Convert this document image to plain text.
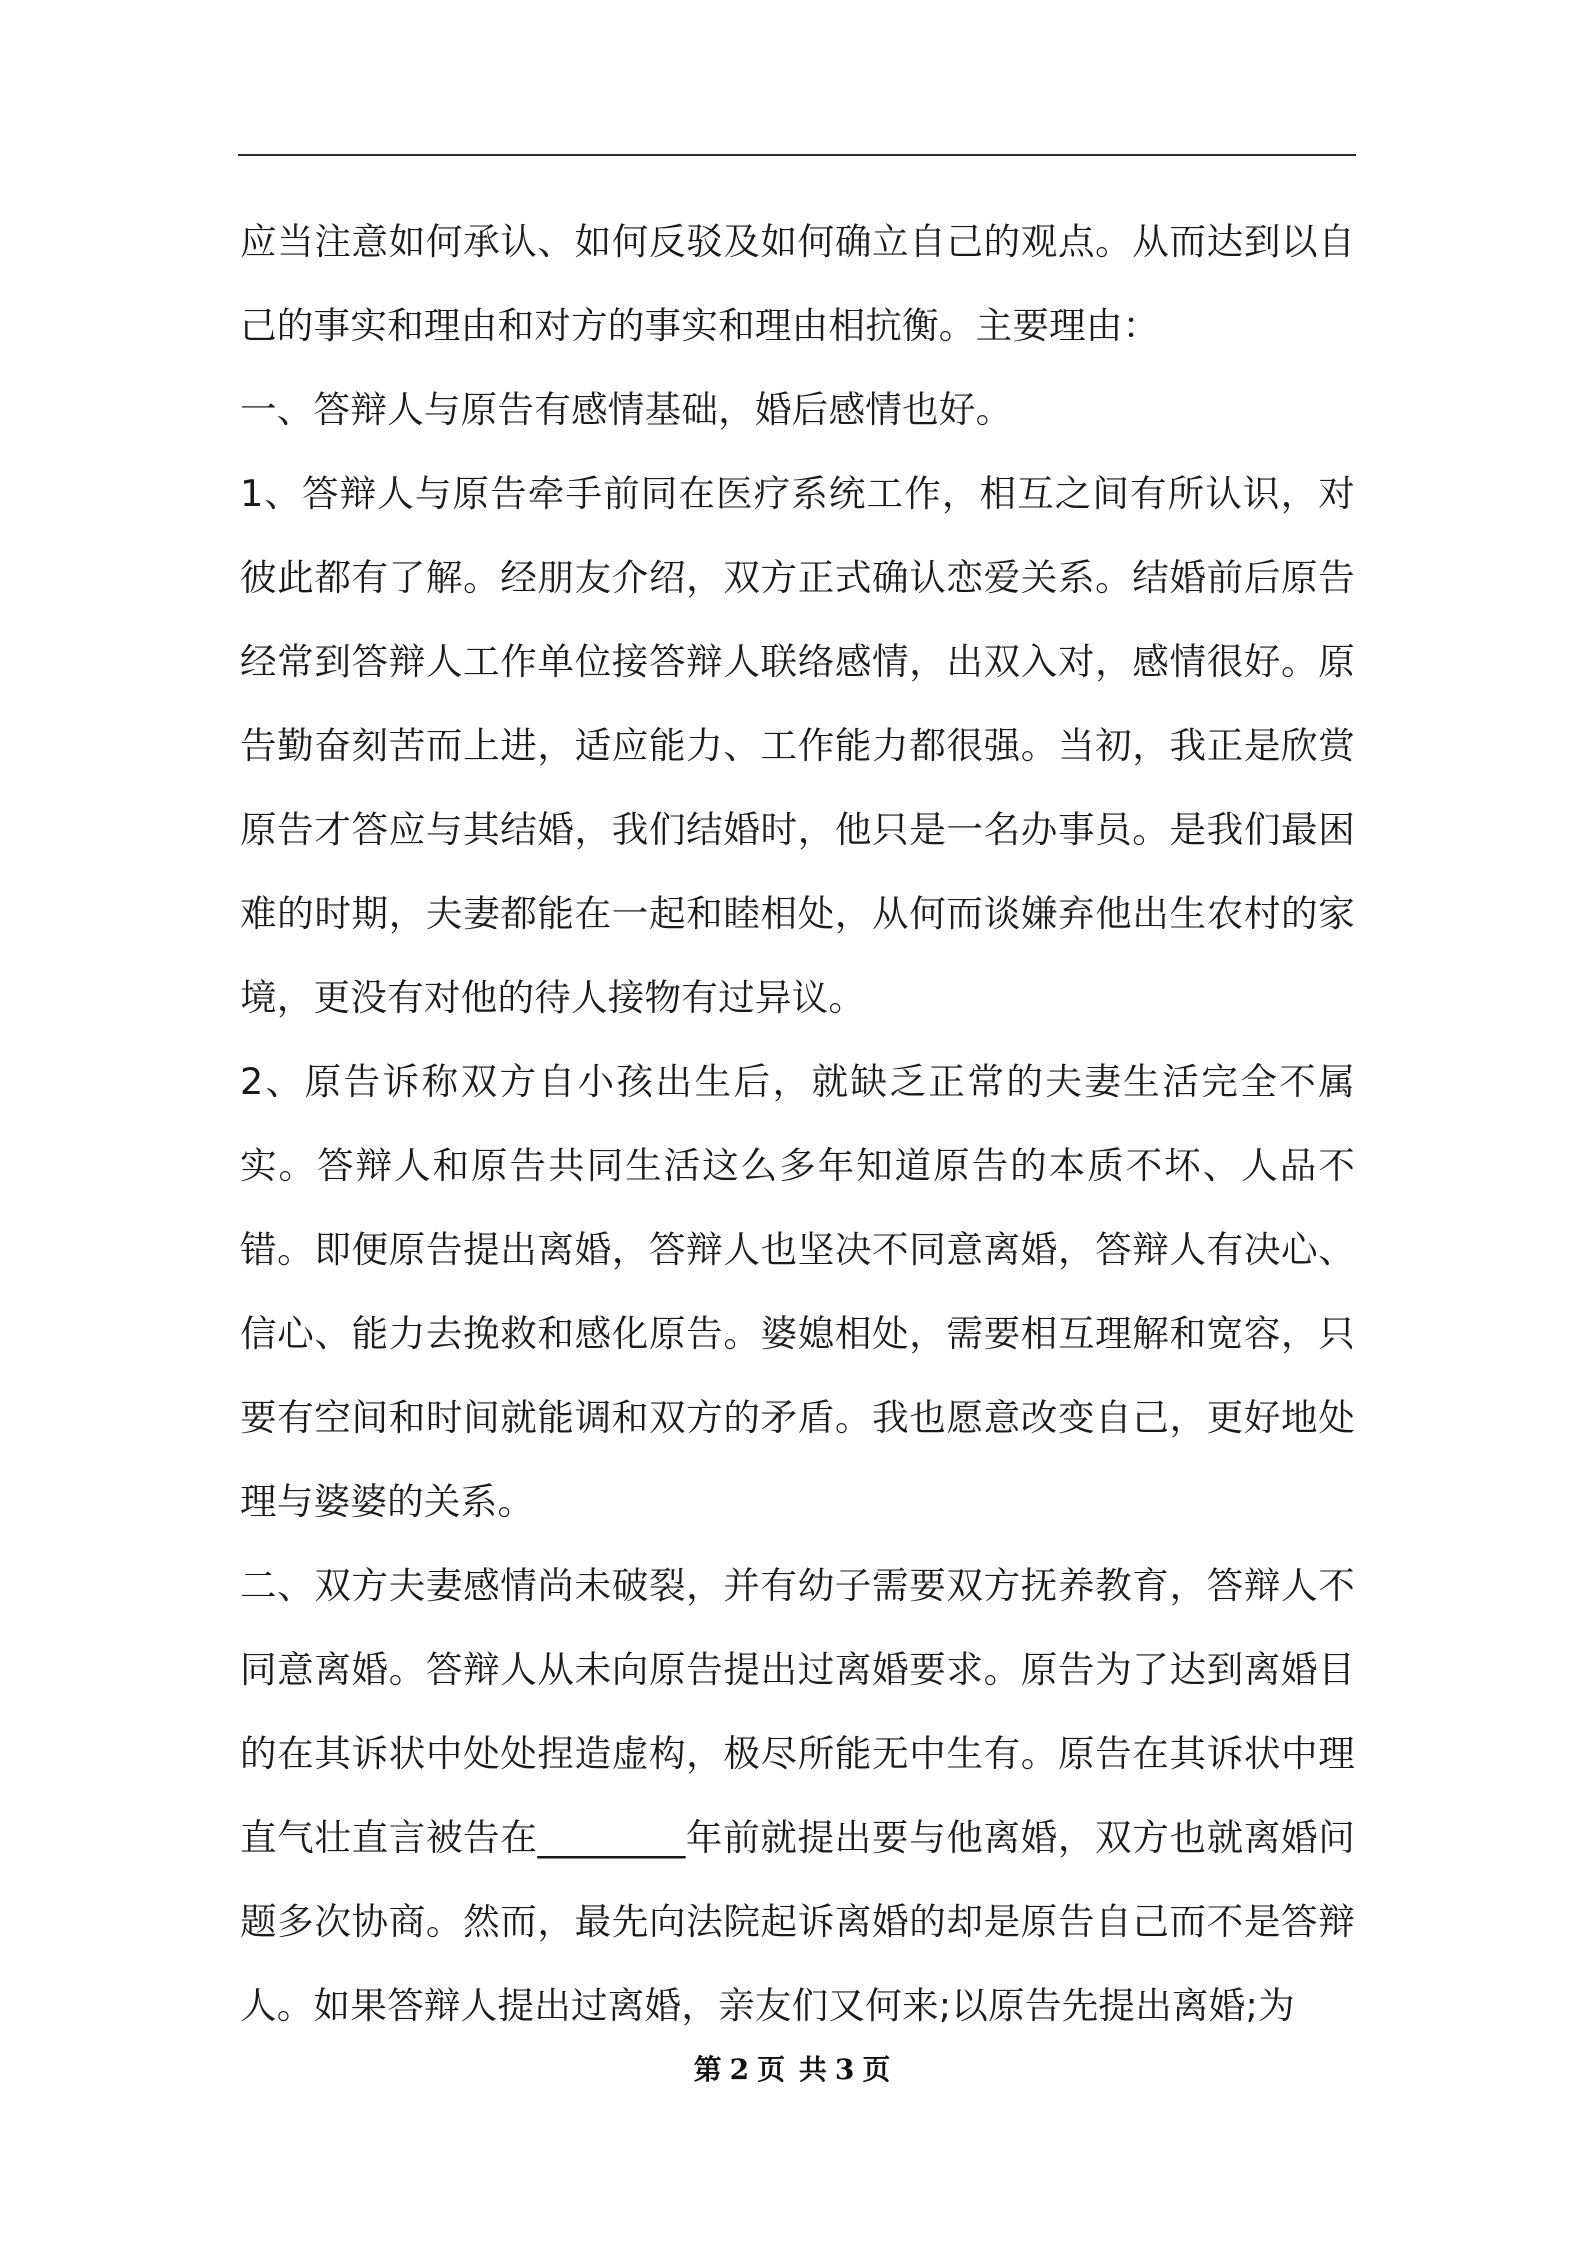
应当注意如何承认、如何反驳及如何确立自己的观点。从而达到以自己的事实和理由和对方的事实和理由相抗衡。主要理由：

一、答辩人与原告有感情基础，婚后感情也好。

1、答辩人与原告牵手前同在医疗系统工作，相互之间有所认识，对彼此都有了解。经朋友介绍，双方正式确认恋爱关系。结婚前后原告经常到答辩人工作单位接答辩人联络感情，出双入对，感情很好。原告勤奋刻苦而上进，适应能力、工作能力都很强。当初，我正是欣赏原告才答应与其结婚，我们结婚时，他只是一名办事员。是我们最困难的时期，夫妻都能在一起和睦相处，从何而谈嫌弃他出生农村的家境，更没有对他的待人接物有过异议。

2、原告诉称双方自小孩出生后，就缺乏正常的夫妻生活完全不属实。答辩人和原告共同生活这么多年知道原告的本质不坏、人品不错。即便原告提出离婚，答辩人也坚决不同意离婚，答辩人有决心、信心、能力去挽救和感化原告。婆媳相处，需要相互理解和宽容，只要有空间和时间就能调和双方的矛盾。我也愿意改变自己，更好地处理与婆婆的关系。

二、双方夫妻感情尚未破裂，并有幼子需要双方抚养教育，答辩人不同意离婚。答辩人从未向原告提出过离婚要求。原告为了达到离婚目的在其诉状中处处捏造虚构，极尽所能无中生有。原告在其诉状中理直气壮直言被告在________年前就提出要与他离婚，双方也就离婚问题多次协商。然而，最先向法院起诉离婚的却是原告自己而不是答辩人。如果答辩人提出过离婚，亲友们又何来;以原告先提出离婚;为

第 2 页 共 3 页
